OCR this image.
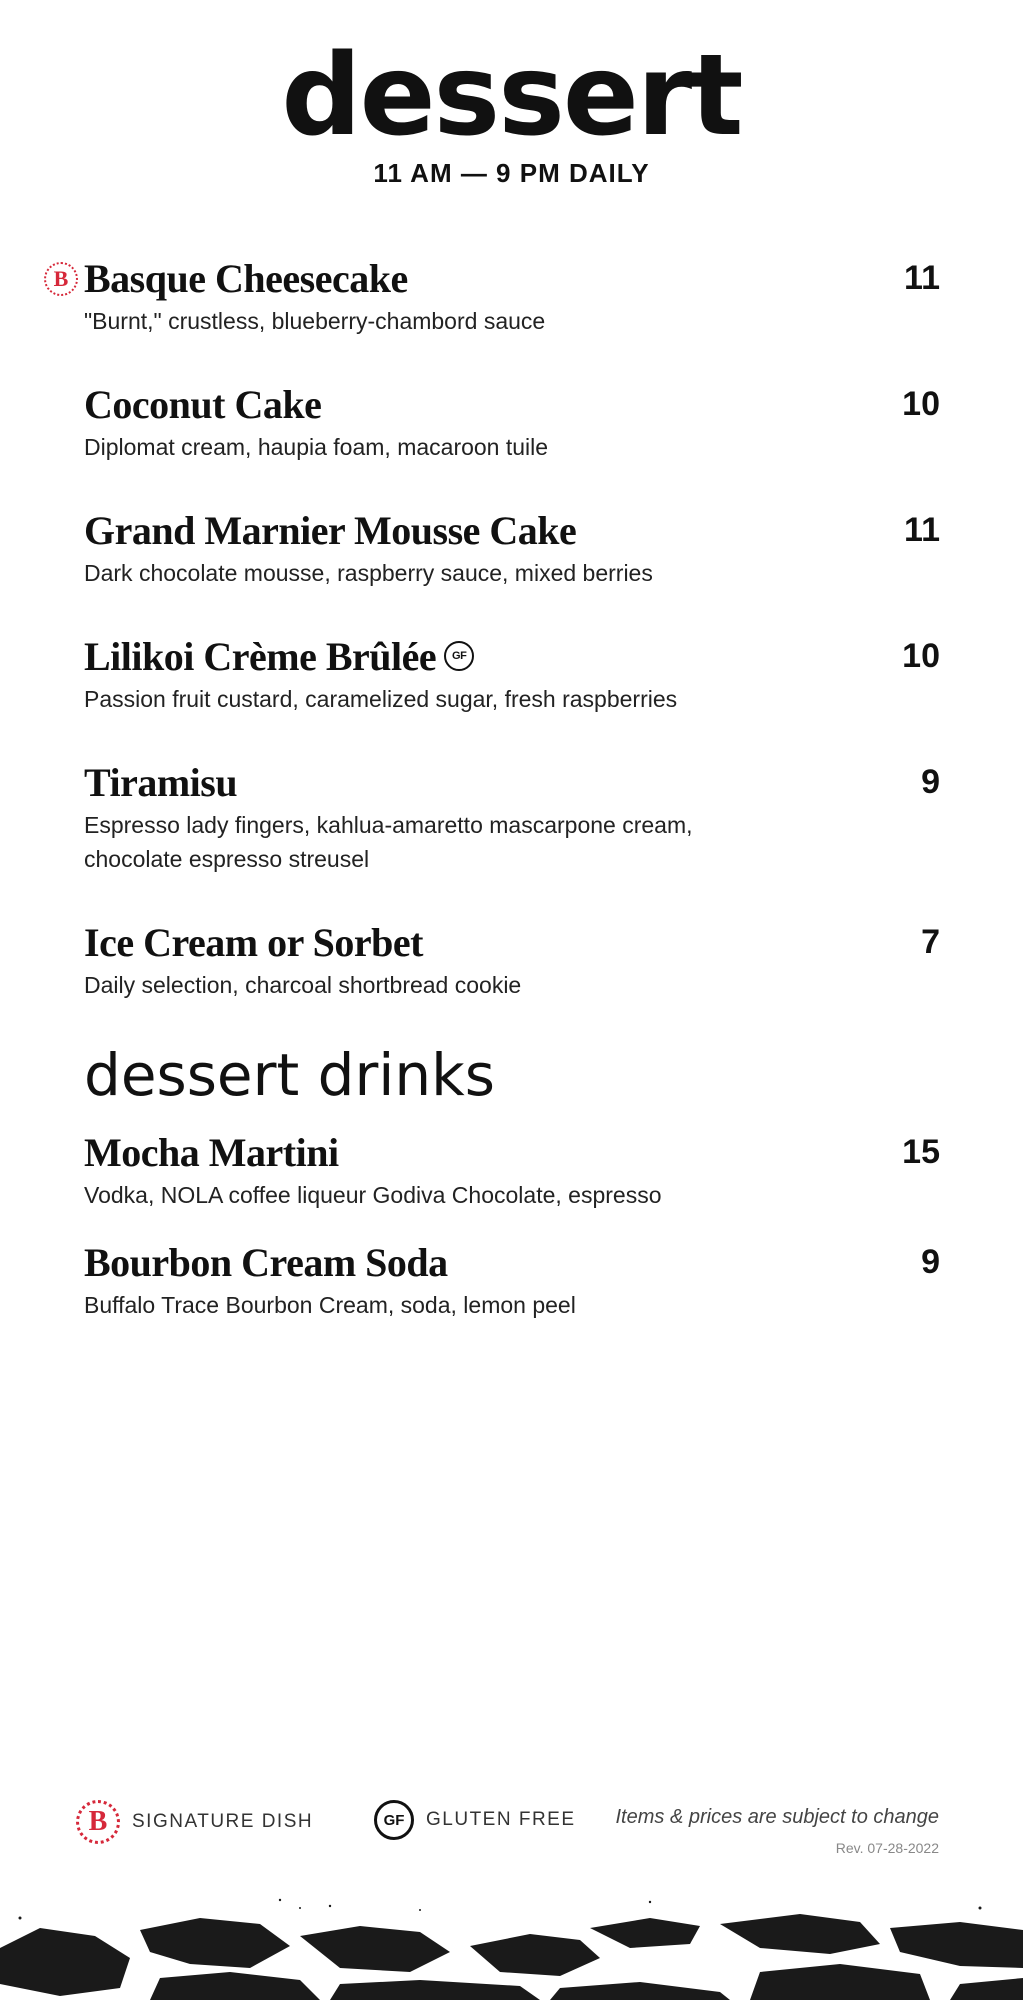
dessert
11 AM — 9 PM DAILY
B Basque Cheesecake	11
"Burnt," crustless, blueberry-chambord sauce
Coconut Cake	10
Diplomat cream, haupia foam, macaroon tuile
Grand Marnier Mousse Cake	11
Dark chocolate mousse, raspberry sauce, mixed berries
Lilikoi Crème Brûlée	GF	10
Passion fruit custard, caramelized sugar, fresh raspberries
Tiramisu	9
Espresso lady fingers, kahlua-amaretto mascarpone cream, chocolate espresso streusel
Ice Cream or Sorbet	7
Daily selection, charcoal shortbread cookie
dessert drinks
Mocha Martini	15
Vodka, NOLA coffee liqueur Godiva Chocolate, espresso
Bourbon Cream Soda	9
Buffalo Trace Bourbon Cream, soda, lemon peel
B	SIGNATURE DISH	GF	GLUTEN FREE Items & prices are subject to change
Rev. 07-28-2022
